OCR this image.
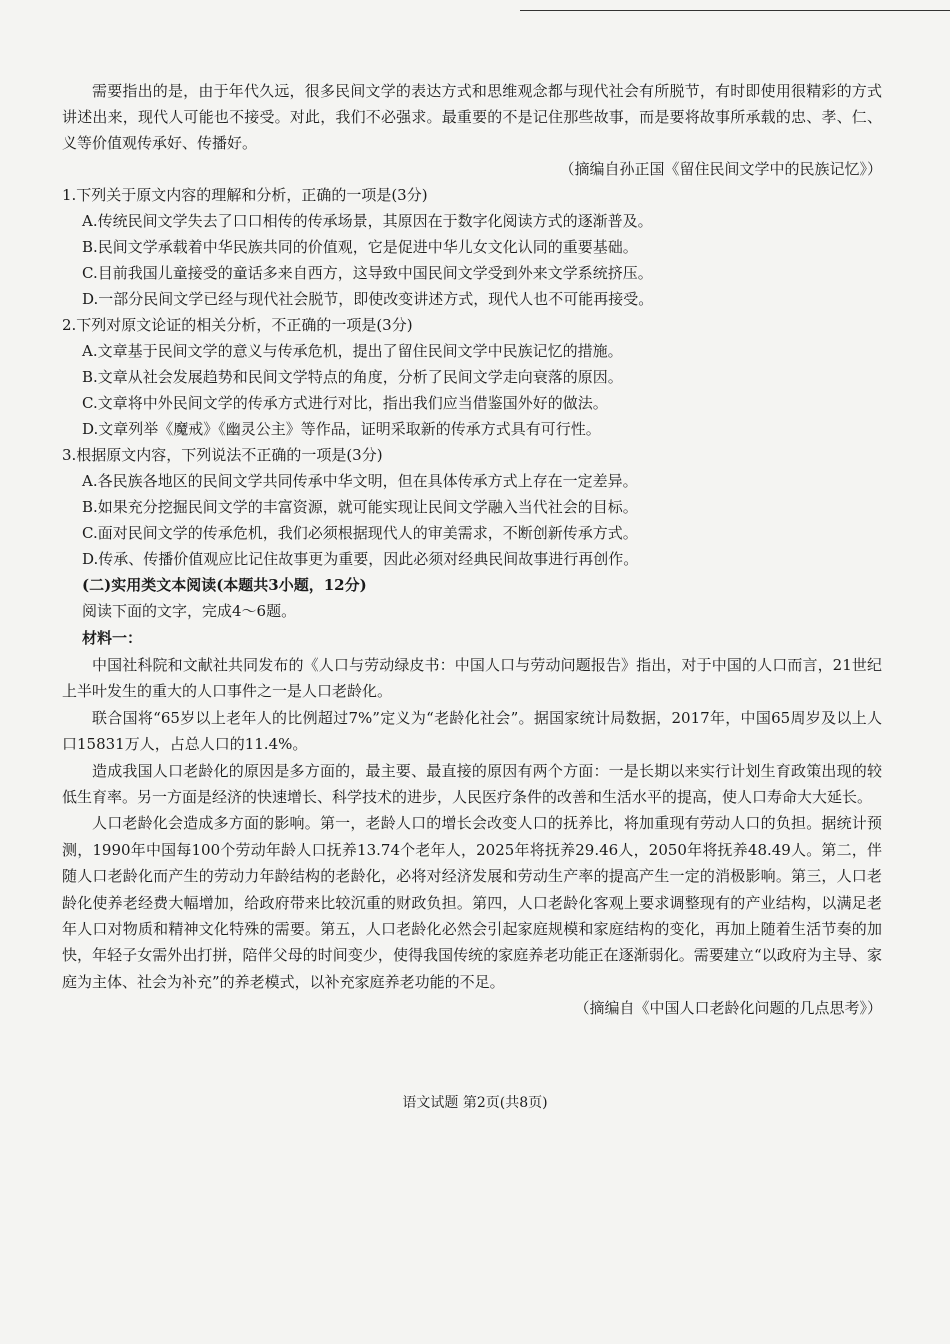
需要指出的是，由于年代久远，很多民间文学的表达方式和思维观念都与现代社会有所脱节，有时即使用很精彩的方式讲述出来，现代人可能也不接受。对此，我们不必强求。最重要的不是记住那些故事，而是要将故事所承载的忠、孝、仁、义等价值观传承好、传播好。

（摘编自孙正国《留住民间文学中的民族记忆》）

1.下列关于原文内容的理解和分析，正确的一项是(3分)

A.传统民间文学失去了口口相传的传承场景，其原因在于数字化阅读方式的逐渐普及。

B.民间文学承载着中华民族共同的价值观，它是促进中华儿女文化认同的重要基础。

C.目前我国儿童接受的童话多来自西方，这导致中国民间文学受到外来文学系统挤压。

D.一部分民间文学已经与现代社会脱节，即使改变讲述方式，现代人也不可能再接受。

2.下列对原文论证的相关分析，不正确的一项是(3分)

A.文章基于民间文学的意义与传承危机，提出了留住民间文学中民族记忆的措施。

B.文章从社会发展趋势和民间文学特点的角度，分析了民间文学走向衰落的原因。

C.文章将中外民间文学的传承方式进行对比，指出我们应当借鉴国外好的做法。

D.文章列举《魔戒》《幽灵公主》等作品，证明采取新的传承方式具有可行性。

3.根据原文内容，下列说法不正确的一项是(3分)

A.各民族各地区的民间文学共同传承中华文明，但在具体传承方式上存在一定差异。

B.如果充分挖掘民间文学的丰富资源，就可能实现让民间文学融入当代社会的目标。

C.面对民间文学的传承危机，我们必须根据现代人的审美需求，不断创新传承方式。

D.传承、传播价值观应比记住故事更为重要，因此必须对经典民间故事进行再创作。

(二)实用类文本阅读(本题共3小题，12分)

阅读下面的文字，完成4～6题。

材料一：

中国社科院和文献社共同发布的《人口与劳动绿皮书：中国人口与劳动问题报告》指出，对于中国的人口而言，21世纪上半叶发生的重大的人口事件之一是人口老龄化。

联合国将“65岁以上老年人的比例超过7%”定义为“老龄化社会”。据国家统计局数据，2017年，中国65周岁及以上人口15831万人，占总人口的11.4%。

造成我国人口老龄化的原因是多方面的，最主要、最直接的原因有两个方面：一是长期以来实行计划生育政策出现的较低生育率。另一方面是经济的快速增长、科学技术的进步，人民医疗条件的改善和生活水平的提高，使人口寿命大大延长。

人口老龄化会造成多方面的影响。第一，老龄人口的增长会改变人口的抚养比，将加重现有劳动人口的负担。据统计预测，1990年中国每100个劳动年龄人口抚养13.74个老年人，2025年将抚养29.46人，2050年将抚养48.49人。第二，伴随人口老龄化而产生的劳动力年龄结构的老龄化，必将对经济发展和劳动生产率的提高产生一定的消极影响。第三，人口老龄化使养老经费大幅增加，给政府带来比较沉重的财政负担。第四，人口老龄化客观上要求调整现有的产业结构，以满足老年人口对物质和精神文化特殊的需要。第五，人口老龄化必然会引起家庭规模和家庭结构的变化，再加上随着生活节奏的加快，年轻子女需外出打拼，陪伴父母的时间变少，使得我国传统的家庭养老功能正在逐渐弱化。需要建立“以政府为主导、家庭为主体、社会为补充”的养老模式，以补充家庭养老功能的不足。

（摘编自《中国人口老龄化问题的几点思考》）

语文试题 第2页(共8页)
